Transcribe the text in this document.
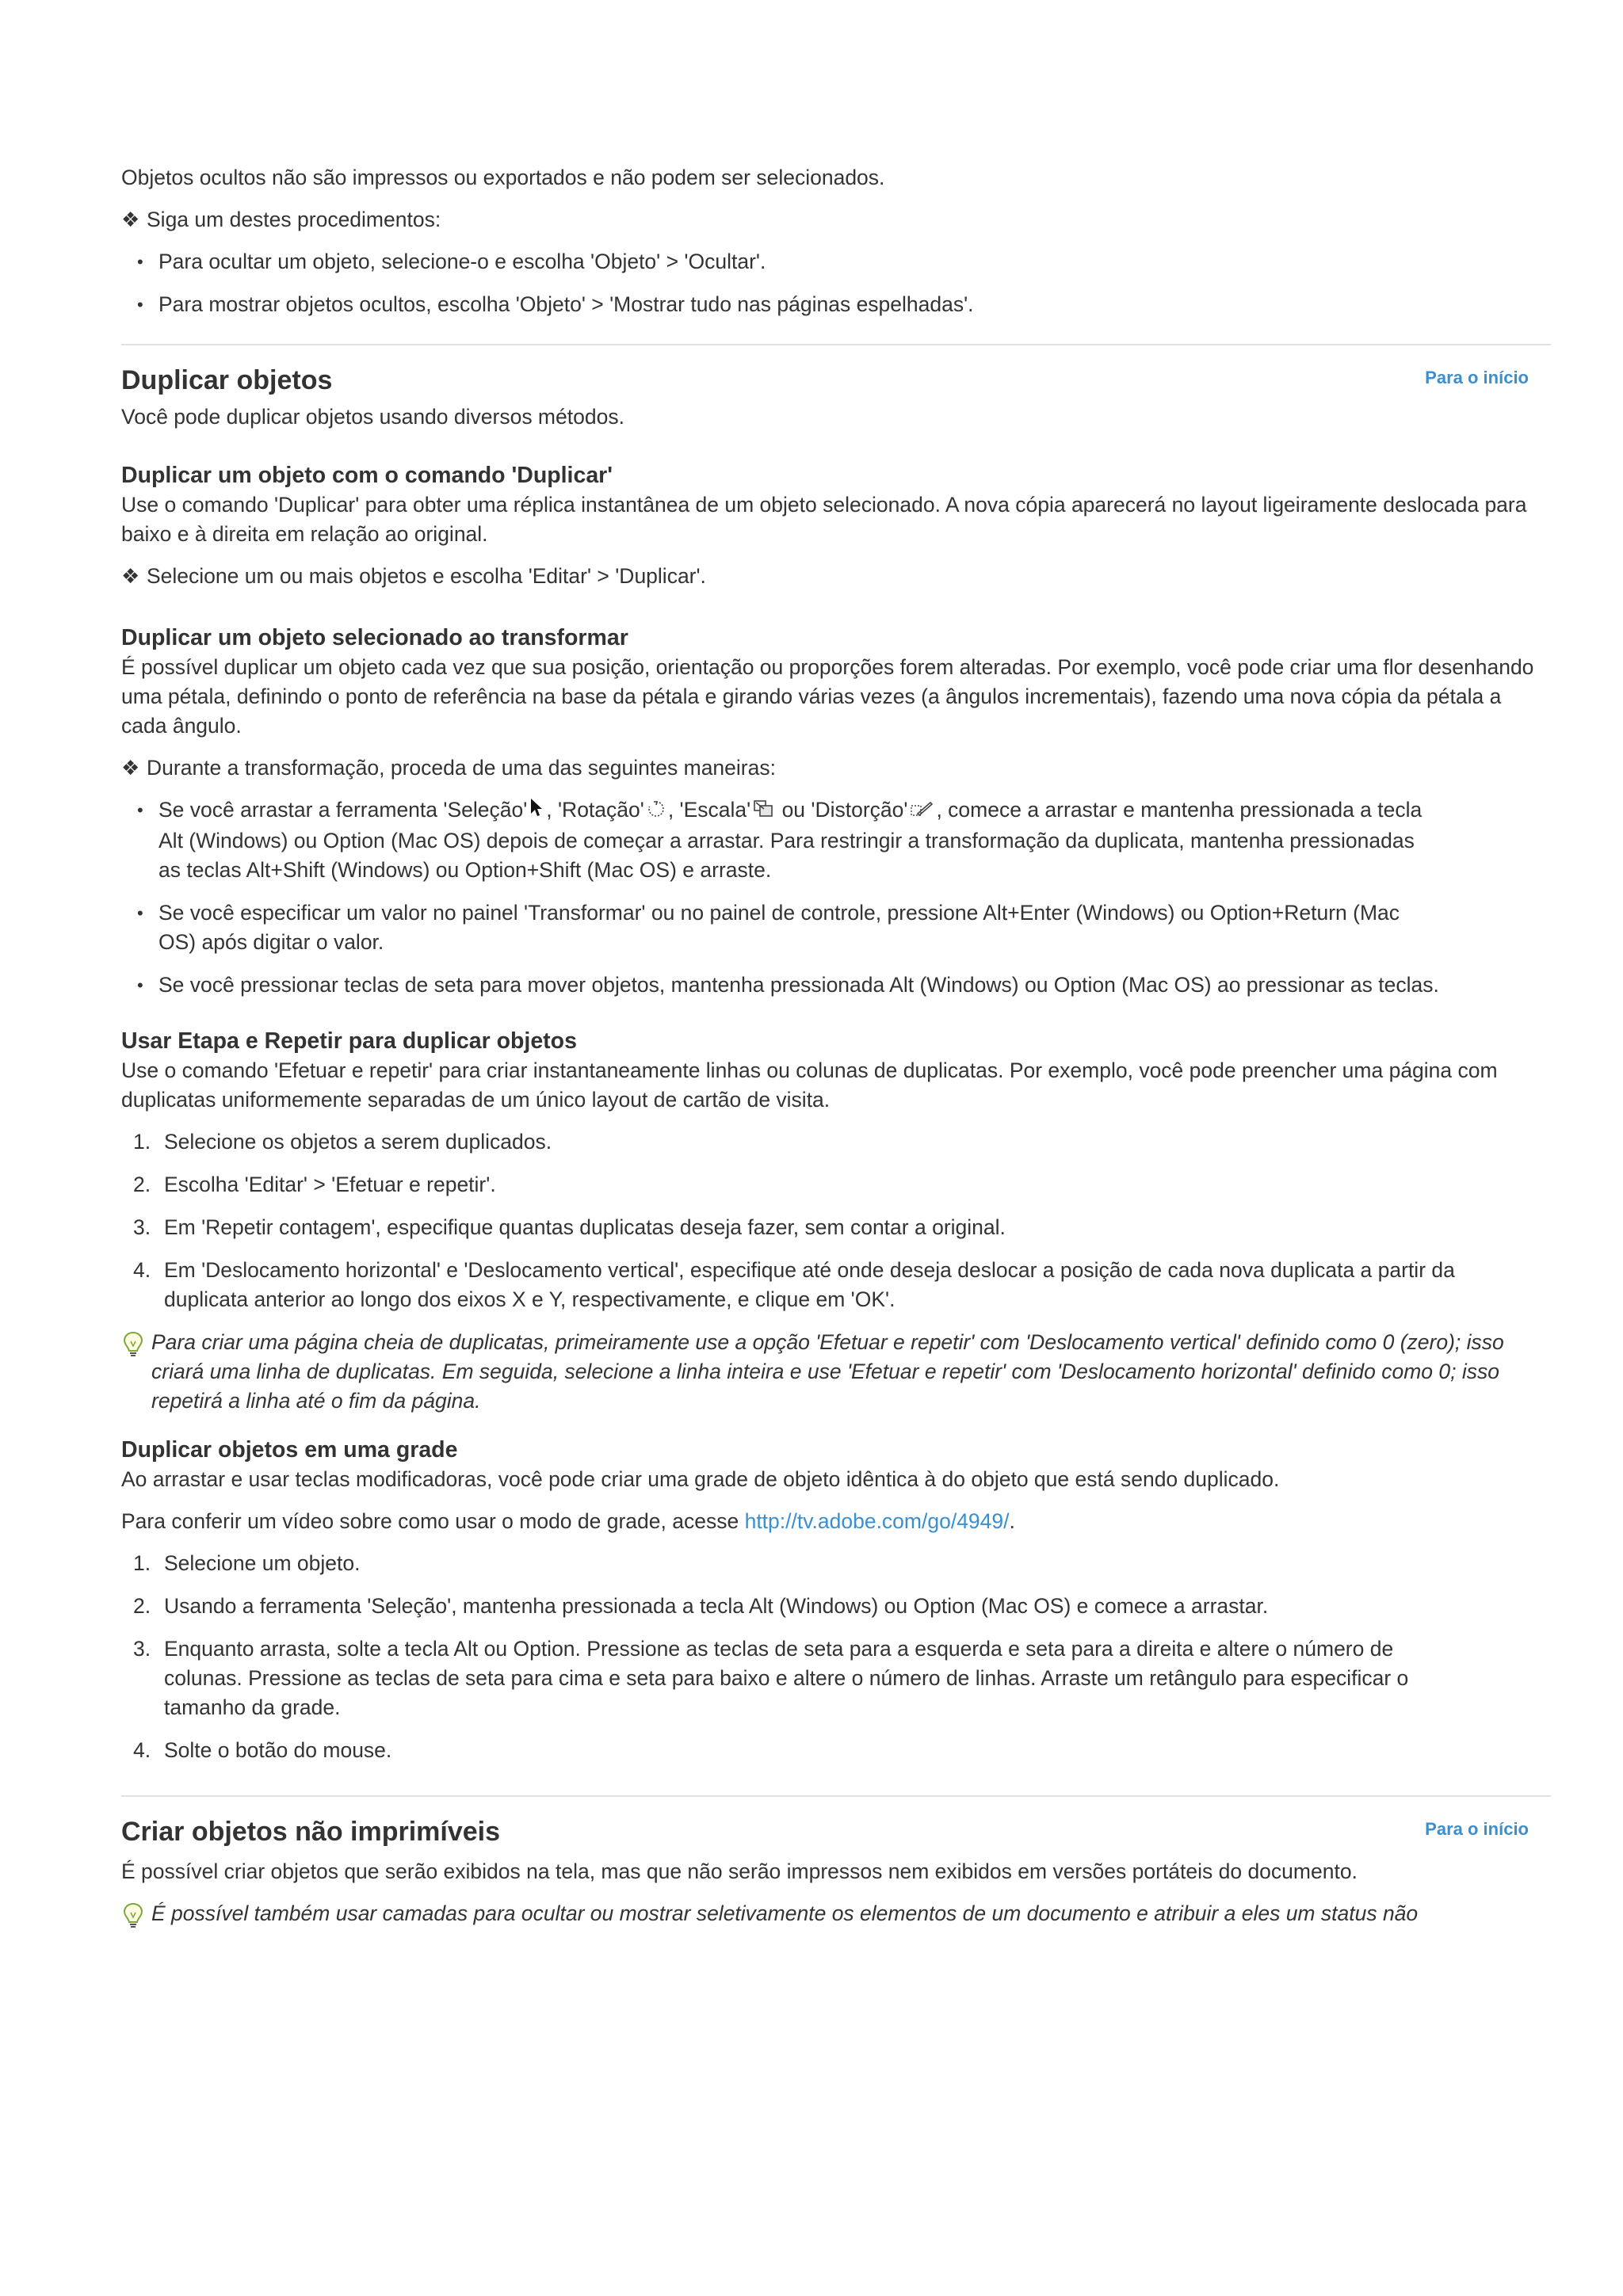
Objetos ocultos não são impressos ou exportados e não podem ser selecionados.

❖ Siga um destes procedimentos:
• Para ocultar um objeto, selecione-o e escolha 'Objeto' > 'Ocultar'.
• Para mostrar objetos ocultos, escolha 'Objeto' > 'Mostrar tudo nas páginas espelhadas'.
Duplicar objetos	Para o início

Você pode duplicar objetos usando diversos métodos.

Duplicar um objeto com o comando 'Duplicar'

Use o comando 'Duplicar' para obter uma réplica instantânea de um objeto selecionado. A nova cópia aparecerá no layout ligeiramente deslocada para baixo e à direita em relação ao original.

❖ Selecione um ou mais objetos e escolha 'Editar' > 'Duplicar'.
Duplicar um objeto selecionado ao transformar

É possível duplicar um objeto cada vez que sua posição, orientação ou proporções forem alteradas. Por exemplo, você pode criar uma flor desenhando uma pétala, definindo o ponto de referência na base da pétala e girando várias vezes (a ângulos incrementais), fazendo uma nova cópia da pétala a cada ângulo.

❖ Durante a transformação, proceda de uma das seguintes maneiras:
• Se você arrastar a ferramenta 'Seleção' , 'Rotação' , 'Escala' ou 'Distorção' , comece a arrastar e mantenha pressionada a tecla Alt (Windows) ou Option (Mac OS) depois de começar a arrastar. Para restringir a transformação da duplicata, mantenha pressionadas as teclas Alt+Shift (Windows) ou Option+Shift (Mac OS) e arraste.
• Se você especificar um valor no painel 'Transformar' ou no painel de controle, pressione Alt+Enter (Windows) ou Option+Return (Mac OS) após digitar o valor.
• Se você pressionar teclas de seta para mover objetos, mantenha pressionada Alt (Windows) ou Option (Mac OS) ao pressionar as teclas.
Usar Etapa e Repetir para duplicar objetos

Use o comando 'Efetuar e repetir' para criar instantaneamente linhas ou colunas de duplicatas. Por exemplo, você pode preencher uma página com duplicatas uniformemente separadas de um único layout de cartão de visita.

1. Selecione os objetos a serem duplicados.
2. Escolha 'Editar' > 'Efetuar e repetir'.
3. Em 'Repetir contagem', especifique quantas duplicatas deseja fazer, sem contar a original.
4. Em 'Deslocamento horizontal' e 'Deslocamento vertical', especifique até onde deseja deslocar a posição de cada nova duplicata a partir da duplicata anterior ao longo dos eixos X e Y, respectivamente, e clique em 'OK'.
Para criar uma página cheia de duplicatas, primeiramente use a opção 'Efetuar e repetir' com 'Deslocamento vertical' definido como 0 (zero); isso criará uma linha de duplicatas. Em seguida, selecione a linha inteira e use 'Efetuar e repetir' com 'Deslocamento horizontal' definido como 0; isso repetirá a linha até o fim da página.
Duplicar objetos em uma grade

Ao arrastar e usar teclas modificadoras, você pode criar uma grade de objeto idêntica à do objeto que está sendo duplicado.

Para conferir um vídeo sobre como usar o modo de grade, acesse http://tv.adobe.com/go/4949/.

1. Selecione um objeto.
2. Usando a ferramenta 'Seleção', mantenha pressionada a tecla Alt (Windows) ou Option (Mac OS) e comece a arrastar.
3. Enquanto arrasta, solte a tecla Alt ou Option. Pressione as teclas de seta para a esquerda e seta para a direita e altere o número de colunas. Pressione as teclas de seta para cima e seta para baixo e altere o número de linhas. Arraste um retângulo para especificar o tamanho da grade.
4. Solte o botão do mouse.
Criar objetos não imprimíveis	Para o início

É possível criar objetos que serão exibidos na tela, mas que não serão impressos nem exibidos em versões portáteis do documento.

É possível também usar camadas para ocultar ou mostrar seletivamente os elementos de um documento e atribuir a eles um status não
